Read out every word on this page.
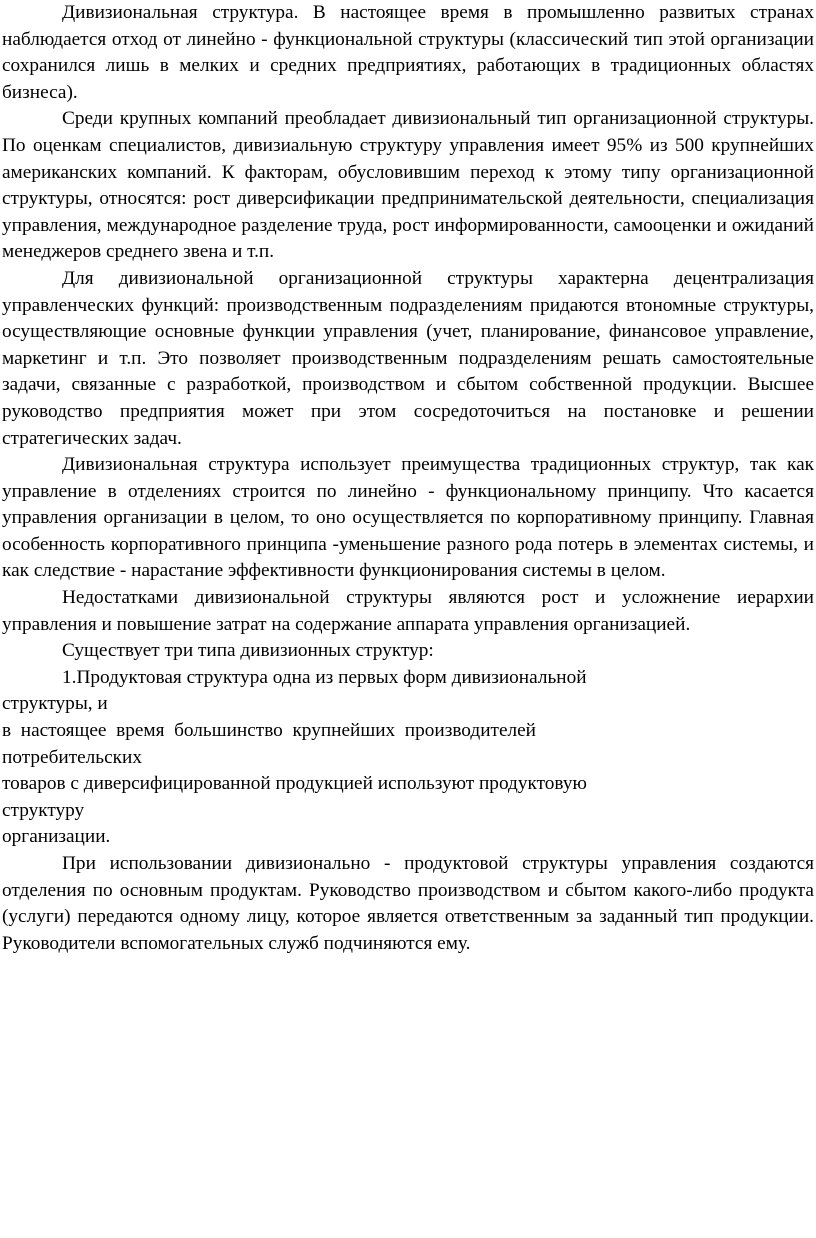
Дивизиональная структура. В настоящее время в промышленно развитых странах наблюдается отход от линейно - функциональной структуры (классический тип этой организации сохранился лишь в мелких и средних предприятиях, работающих в традиционных областях бизнеса).

Среди крупных компаний преобладает дивизиональный тип организационной структуры. По оценкам специалистов, дивизиальную структуру управления имеет 95% из 500 крупнейших американских компаний. К факторам, обусловившим переход к этому типу организационной структуры, относятся: рост диверсификации предпринимательской деятельности, специализация управления, международное разделение труда, рост информированности, самооценки и ожиданий менеджеров среднего звена и т.п.

Для дивизиональной организационной структуры характерна децентрализация управленческих функций: производственным подразделениям придаются втономные структуры, осуществляющие основные функции управления (учет, планирование, финансовое управление, маркетинг и т.п. Это позволяет производственным подразделениям решать самостоятельные задачи, связанные с разработкой, производством и сбытом собственной продукции. Высшее руководство предприятия может при этом сосредоточиться на постановке и решении стратегических задач.

Дивизиональная структура использует преимущества традиционных структур, так как управление в отделениях строится по линейно - функциональному принципу. Что касается управления организации в целом, то оно осуществляется по корпоративному принципу. Главная особенность корпоративного принципа -уменьшение разного рода потерь в элементах системы, и как следствие - нарастание эффективности функционирования системы в целом.

Недостатками дивизиональной структуры являются рост и усложнение иерархии управления и повышение затрат на содержание аппарата управления организацией.

Существует три типа дивизионных структур:

1.Продуктовая структура одна из первых форм дивизиональной

структуры, и

в  настоящее  время  большинство  крупнейших  производителей

потребительских

товаров с диверсифицированной продукцией используют продуктовую

структуру

организации.

При использовании дивизионально - продуктовой структуры управления создаются отделения по основным продуктам. Руководство производством и сбытом какого-либо продукта (услуги) передаются одному лицу, которое является ответственным за заданный тип продукции. Руководители вспомогательных служб подчиняются ему.
